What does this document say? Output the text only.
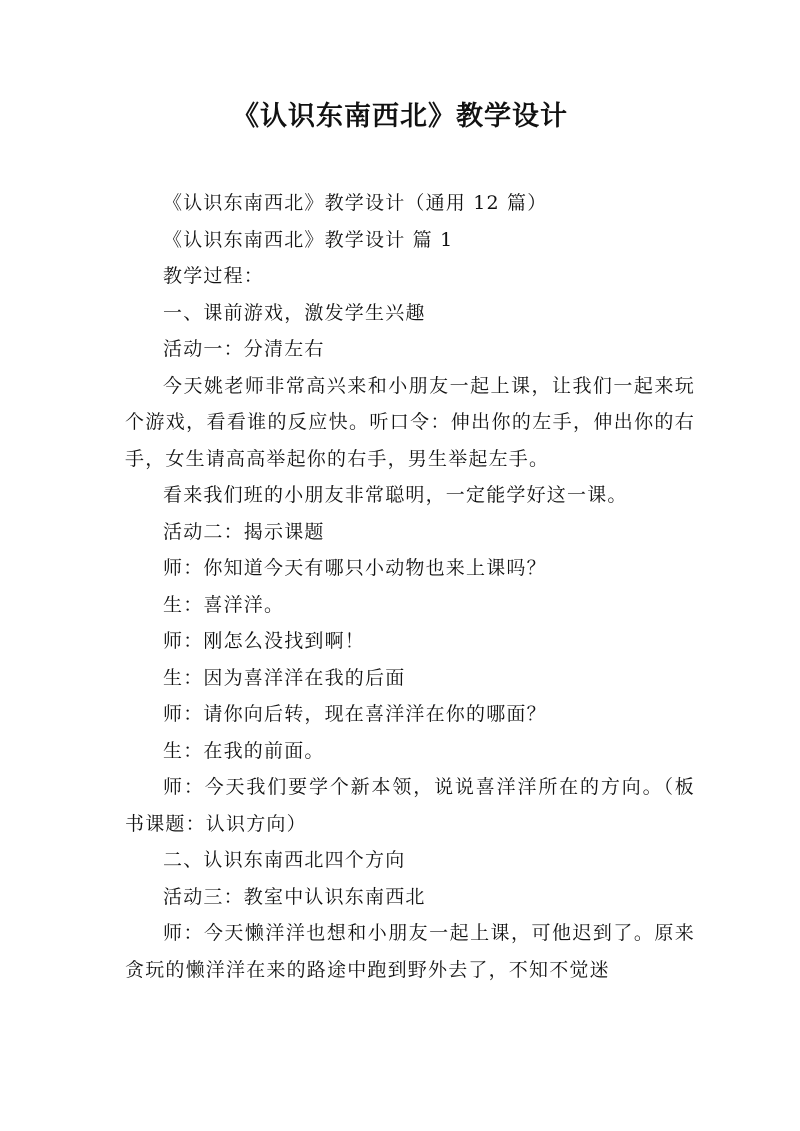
《认识东南西北》教学设计

《认识东南西北》教学设计（通用 12 篇）

《认识东南西北》教学设计 篇 1

教学过程：

一、课前游戏，激发学生兴趣

活动一：分清左右

今天姚老师非常高兴来和小朋友一起上课，让我们一起来玩个游戏，看看谁的反应快。听口令：伸出你的左手，伸出你的右手，女生请高高举起你的右手，男生举起左手。

看来我们班的小朋友非常聪明，一定能学好这一课。

活动二：揭示课题

师：你知道今天有哪只小动物也来上课吗？

生：喜洋洋。

师：刚怎么没找到啊！

生：因为喜洋洋在我的后面

师：请你向后转，现在喜洋洋在你的哪面？

生：在我的前面。

师：今天我们要学个新本领，说说喜洋洋所在的方向。（板书课题：认识方向）

二、认识东南西北四个方向

活动三：教室中认识东南西北

师：今天懒洋洋也想和小朋友一起上课，可他迟到了。原来贪玩的懒洋洋在来的路途中跑到野外去了，不知不觉迷
